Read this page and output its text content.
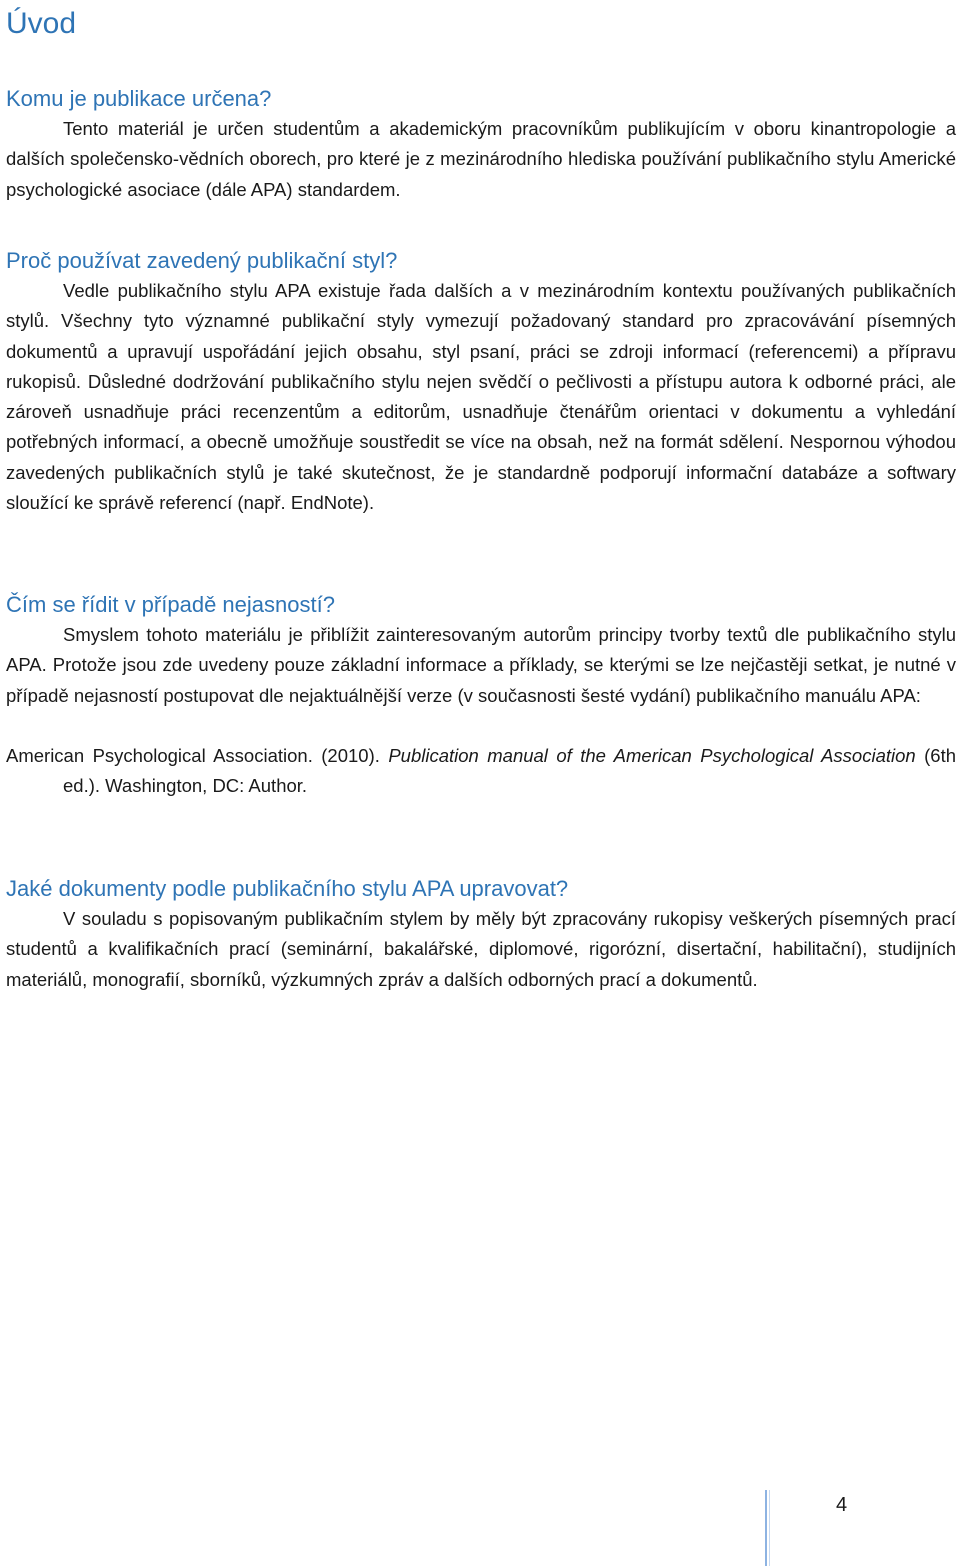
Úvod
Komu je publikace určena?

Tento materiál je určen studentům a akademickým pracovníkům publikujícím v oboru kinantropologie a dalších společensko-vědních oborech, pro které je z mezinárodního hlediska používání publikačního stylu Americké psychologické asociace (dále APA) standardem.

Proč používat zavedený publikační styl?

Vedle publikačního stylu APA existuje řada dalších a v mezinárodním kontextu používaných publikačních stylů. Všechny tyto významné publikační styly vymezují požadovaný standard pro zpracovávání písemných dokumentů a upravují uspořádání jejich obsahu, styl psaní, práci se zdroji informací (referencemi) a přípravu rukopisů. Důsledné dodržování publikačního stylu nejen svědčí o pečlivosti a přístupu autora k odborné práci, ale zároveň usnadňuje práci recenzentům a editorům, usnadňuje čtenářům orientaci v dokumentu a vyhledání potřebných informací, a obecně umožňuje soustředit se více na obsah, než na formát sdělení. Nespornou výhodou zavedených publikačních stylů je také skutečnost, že je standardně podporují informační databáze a softwary sloužící ke správě referencí (např. EndNote).

Čím se řídit v případě nejasností?

Smyslem tohoto materiálu je přiblížit zainteresovaným autorům principy tvorby textů dle publikačního stylu APA. Protože jsou zde uvedeny pouze základní informace a příklady, se kterými se lze nejčastěji setkat, je nutné v případě nejasností postupovat dle nejaktuálnější verze (v současnosti šesté vydání) publikačního manuálu APA:

American Psychological Association. (2010). Publication manual of the American Psychological Association (6th ed.). Washington, DC: Author.

Jaké dokumenty podle publikačního stylu APA upravovat?

V souladu s popisovaným publikačním stylem by měly být zpracovány rukopisy veškerých písemných prací studentů a kvalifikačních prací (seminární, bakalářské, diplomové, rigorózní, disertační, habilitační), studijních materiálů, monografií, sborníků, výzkumných zpráv a dalších odborných prací a dokumentů.

4
